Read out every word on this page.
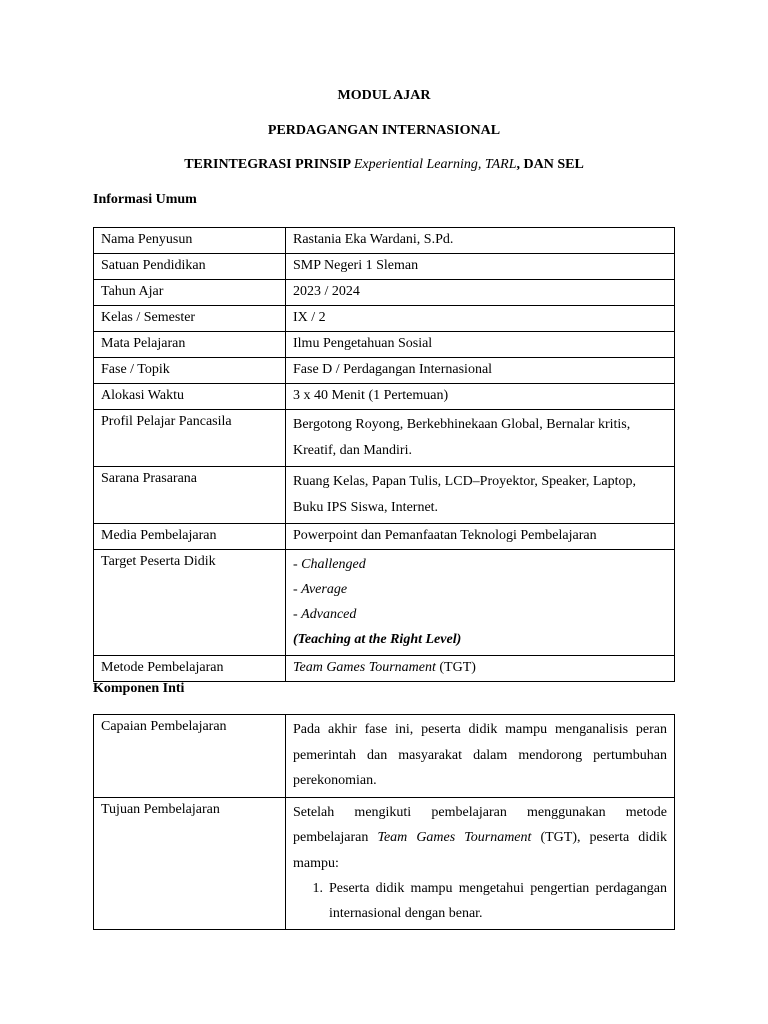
MODUL AJAR
PERDAGANGAN INTERNASIONAL
TERINTEGRASI PRINSIP Experiential Learning, TARL, DAN SEL
Informasi Umum
Nama Penyusun	Rastania Eka Wardani, S.Pd.
Satuan Pendidikan	SMP Negeri 1 Sleman
Tahun Ajar	2023 / 2024
Kelas / Semester	IX / 2
Mata Pelajaran	Ilmu Pengetahuan Sosial
Fase / Topik	Fase D / Perdagangan Internasional
Alokasi Waktu	3 x 40 Menit (1 Pertemuan)
Profil Pelajar Pancasila	Bergotong Royong, Berkebhinekaan Global, Bernalar kritis, Kreatif, dan Mandiri.
Sarana Prasarana	Ruang Kelas, Papan Tulis, LCD–Proyektor, Speaker, Laptop, Buku IPS Siswa, Internet.
Media Pembelajaran	Powerpoint dan Pemanfaatan Teknologi Pembelajaran
Target Peserta Didik	- Challenged
- Average
- Advanced
(Teaching at the Right Level)

Metode Pembelajaran	Team Games Tournament (TGT)
Komponen Inti
Capaian Pembelajaran	Pada akhir fase ini, peserta didik mampu menganalisis peran pemerintah dan masyarakat dalam mendorong pertumbuhan perekonomian.
Tujuan Pembelajaran	Setelah mengikuti pembelajaran menggunakan metode pembelajaran Team Games Tournament (TGT), peserta didik mampu:
1. Peserta didik mampu mengetahui pengertian perdagangan internasional dengan benar.
